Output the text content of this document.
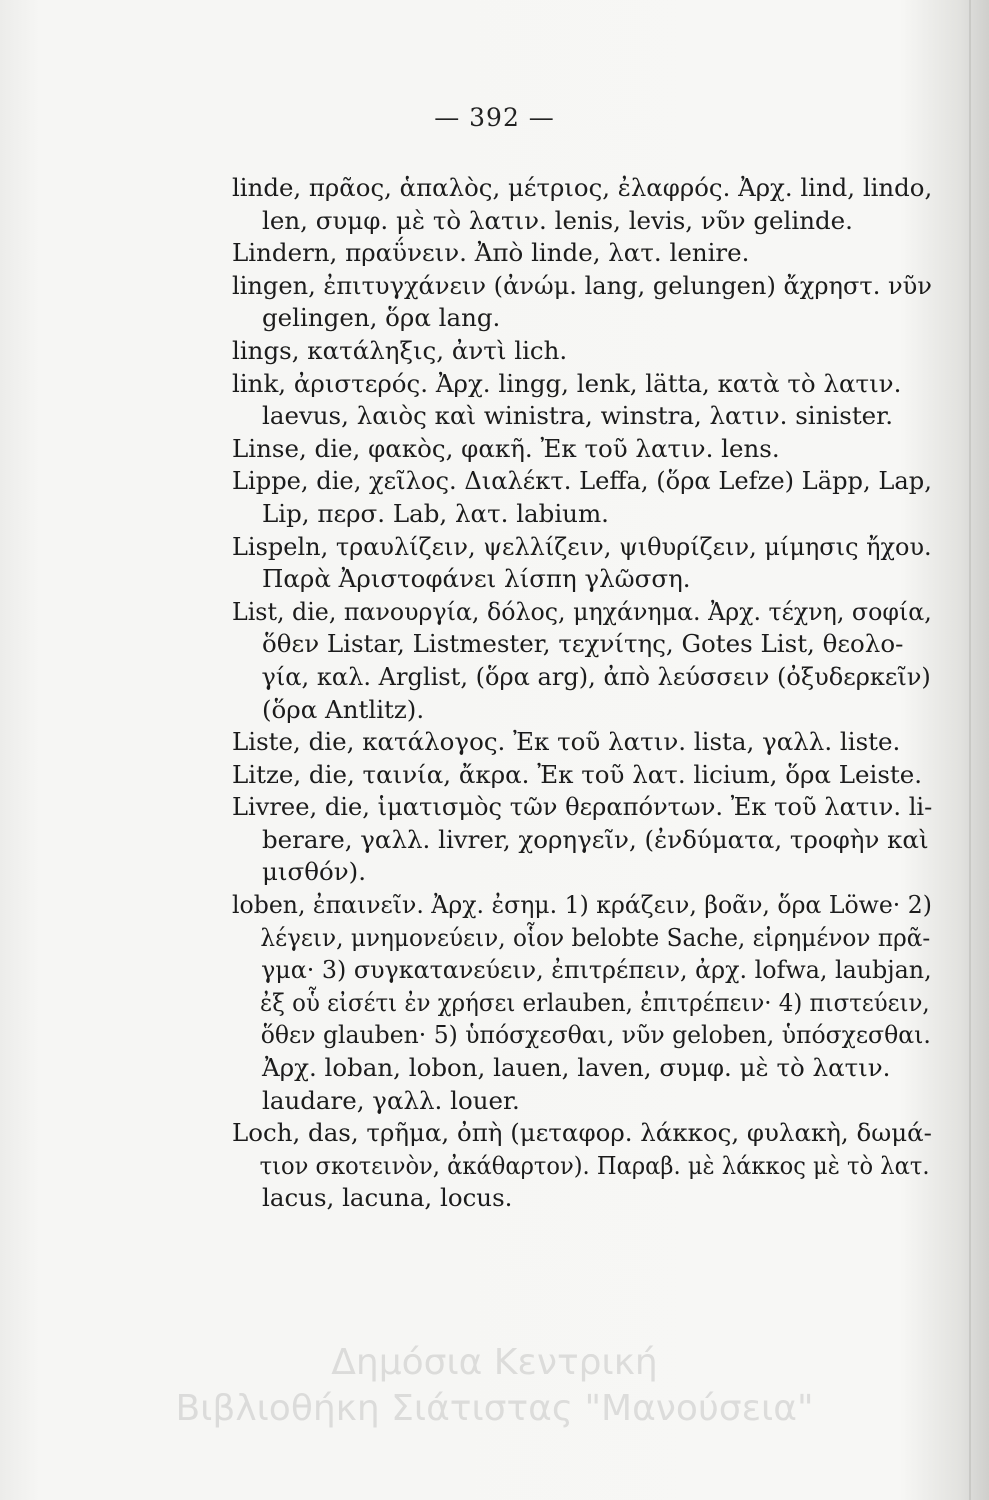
— 392 —
linde, πρᾶος, ἁπαλὸς, μέτριος, ἐλαφρός. Ἀρχ. lind, lindo,
len, συμφ. μὲ τὸ λατιν. lenis, levis, νῦν gelinde.
Lindern, πραΰνειν. Ἀπὸ linde, λατ. lenire.
lingen, ἐπιτυγχάνειν (ἀνώμ. lang, gelungen) ἄχρηστ. νῦν
gelingen, ὅρα lang.
lings, κατάληξις, ἀντὶ lich.
link, ἀριστερός. Ἀρχ. lingg, lenk, lätta, κατὰ τὸ λατιν.
laevus, λαιὸς καὶ winistra, winstra, λατιν. sinister.
Linse, die, φακὸς, φακῆ. Ἐκ τοῦ λατιν. lens.
Lippe, die, χεῖλος. Διαλέκτ. Leffa, (ὅρα Lefze) Läpp, Lap,
Lip, περσ. Lab, λατ. labium.
Lispeln, τραυλίζειν, ψελλίζειν, ψιθυρίζειν, μίμησις ἤχου.
Παρὰ Ἀριστοφάνει λίσπη γλῶσση.
List, die, πανουργία, δόλος, μηχάνημα. Ἀρχ. τέχνη, σοφία,
ὅθεν Listar, Listmester, τεχνίτης, Gotes List, θεολο-
γία, καλ. Arglist, (ὅρα arg), ἀπὸ λεύσσειν (ὀξυδερκεῖν)
(ὅρα Antlitz).
Liste, die, κατάλογος. Ἐκ τοῦ λατιν. lista, γαλλ. liste.
Litze, die, ταινία, ἄκρα. Ἐκ τοῦ λατ. licium, ὅρα Leiste.
Livree, die, ἱματισμὸς τῶν θεραπόντων. Ἐκ τοῦ λατιν. li-
berare, γαλλ. livrer, χορηγεῖν, (ἐνδύματα, τροφὴν καὶ
μισθόν).
loben, ἐπαινεῖν. Ἀρχ. ἐσημ. 1) κράζειν, βοᾶν, ὅρα Löwe· 2)
λέγειν, μνημονεύειν, οἷον belobte Sache, εἰρημένον πρᾶ-
γμα· 3) συγκατανεύειν, ἐπιτρέπειν, ἀρχ. lofwa, laubjan,
ἐξ οὗ εἰσέτι ἐν χρήσει erlauben, ἐπιτρέπειν· 4) πιστεύειν,
ὅθεν glauben· 5) ὑπόσχεσθαι, νῦν geloben, ὑπόσχεσθαι.
Ἀρχ. loban, lobon, lauen, laven, συμφ. μὲ τὸ λατιν.
laudare, γαλλ. louer.
Loch, das, τρῆμα, ὀπὴ (μεταφορ. λάκκος, φυλακὴ, δωμά-
τιον σκοτεινὸν, ἀκάθαρτον). Παραβ. μὲ λάκκος μὲ τὸ λατ.
lacus, lacuna, locus.
Δημόσια Κεντρική
Βιβλιοθήκη Σιάτιστας "Μανούσεια"
